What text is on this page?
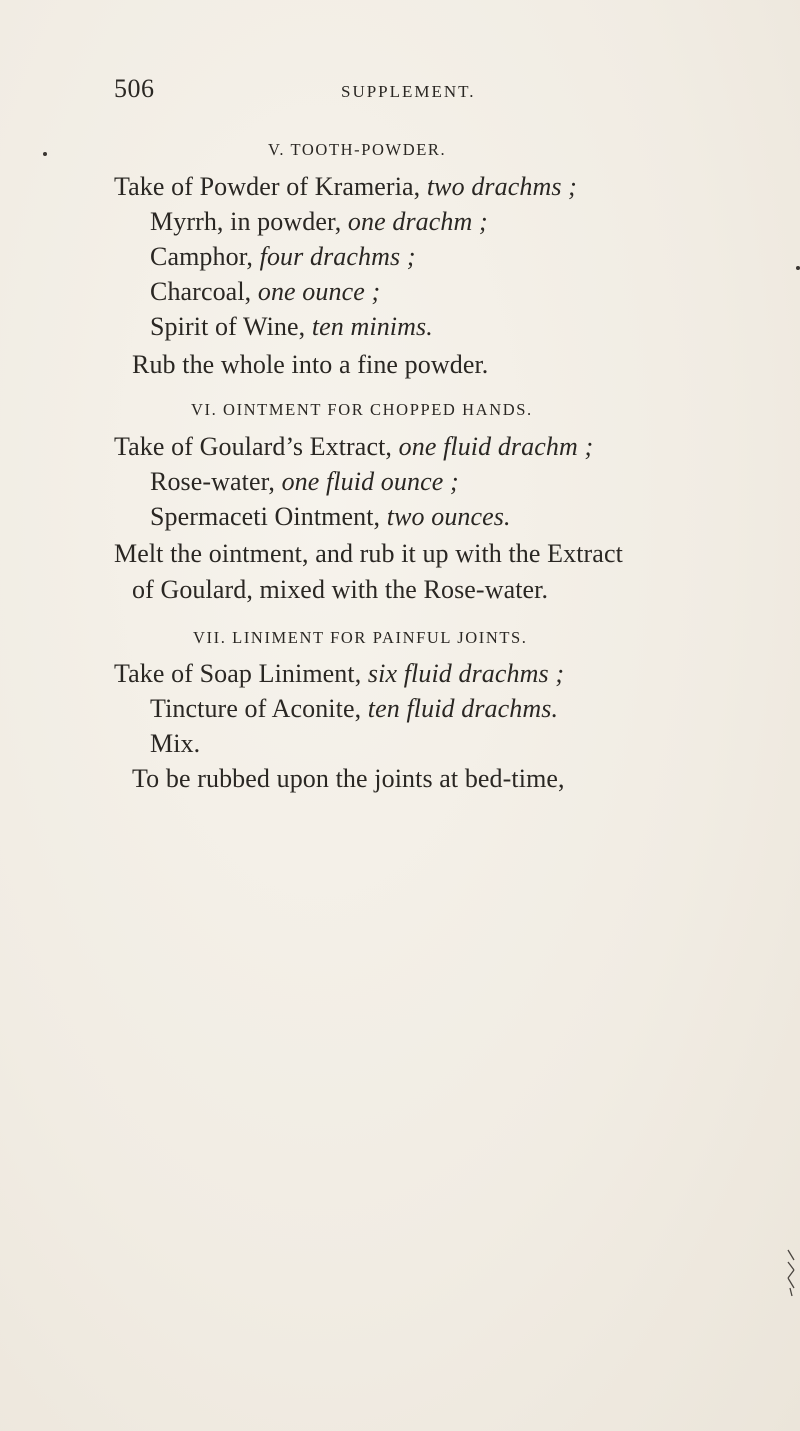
506	SUPPLEMENT.
V. TOOTH-POWDER.
Take of Powder of Krameria, two drachms ;
Myrrh, in powder, one drachm ;
Camphor, four drachms ;
Charcoal, one ounce ;
Spirit of Wine, ten minims.
Rub the whole into a fine powder.
VI. OINTMENT FOR CHOPPED HANDS.
Take of Goulard’s Extract, one fluid drachm ;
Rose-water, one fluid ounce ;
Spermaceti Ointment, two ounces.
Melt the ointment, and rub it up with the Extract
of Goulard, mixed with the Rose-water.
VII. LINIMENT FOR PAINFUL JOINTS.
Take of Soap Liniment, six fluid drachms ;
Tincture of Aconite, ten fluid drachms.
Mix.
To be rubbed upon the joints at bed-time,
